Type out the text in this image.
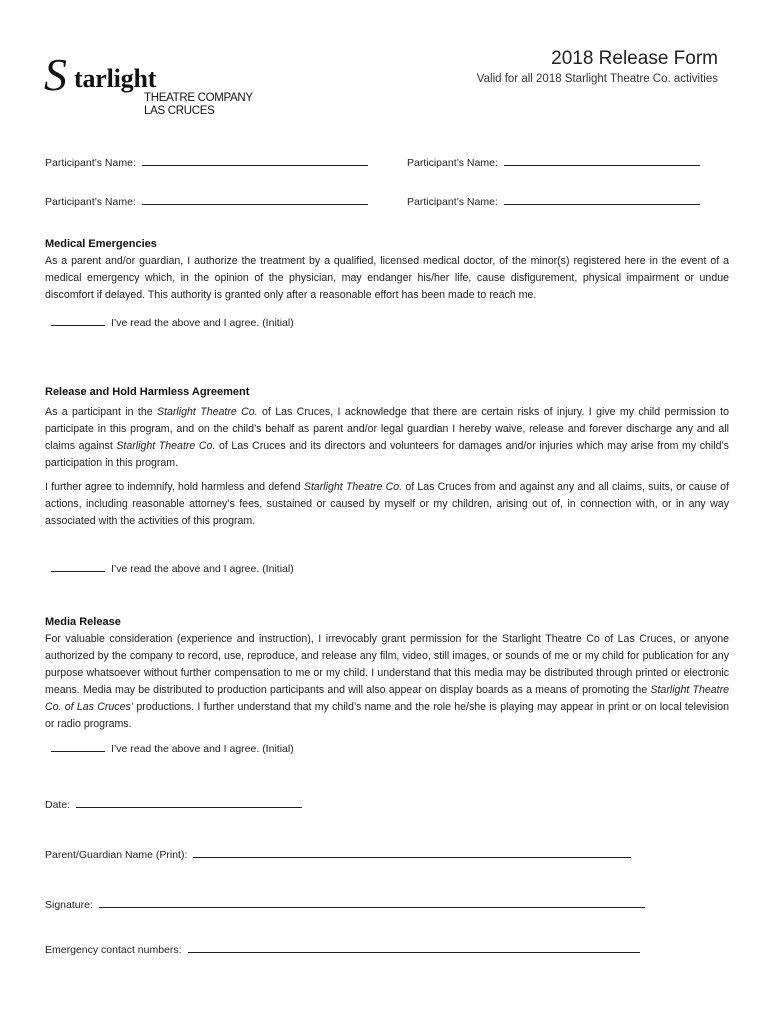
S tarlight
THEATRE COMPANY
LAS CRUCES
2018 Release Form
Valid for all 2018 Starlight Theatre Co. activities
Participant’s Name:	Participant’s Name:
Participant’s Name:	Participant’s Name:
Medical Emergencies
As a parent and/or guardian, I authorize the treatment by a qualified, licensed medical doctor, of the minor(s) registered here in the event of a medical emergency which, in the opinion of the physician, may endanger his/her life, cause disfigurement, physical impairment or undue discomfort if delayed. This authority is granted only after a reasonable effort has been made to reach me.
I’ve read the above and I agree. (Initial)
Release and Hold Harmless Agreement
As a participant in the Starlight Theatre Co. of Las Cruces, I acknowledge that there are certain risks of injury. I give my child permission to participate in this program, and on the child’s behalf as parent and/or legal guardian I hereby waive, release and forever discharge any and all claims against Starlight Theatre Co. of Las Cruces and its directors and volunteers for damages and/or injuries which may arise from my child’s participation in this program.
I further agree to indemnify, hold harmless and defend Starlight Theatre Co. of Las Cruces from and against any and all claims, suits, or cause of actions, including reasonable attorney’s fees, sustained or caused by myself or my children, arising out of, in connection with, or in any way associated with the activities of this program.
I’ve read the above and I agree. (Initial)
Media Release
For valuable consideration (experience and instruction), I irrevocably grant permission for the Starlight Theatre Co of Las Cruces, or anyone authorized by the company to record, use, reproduce, and release any film, video, still images, or sounds of me or my child for publication for any purpose whatsoever without further compensation to me or my child. I understand that this media may be distributed through printed or electronic means. Media may be distributed to production participants and will also appear on display boards as a means of promoting the Starlight Theatre Co. of Las Cruces’ productions. I further understand that my child’s name and the role he/she is playing may appear in print or on local television or radio programs.
I’ve read the above and I agree. (Initial)
Date:
Parent/Guardian Name (Print):
Signature:
Emergency contact numbers:
